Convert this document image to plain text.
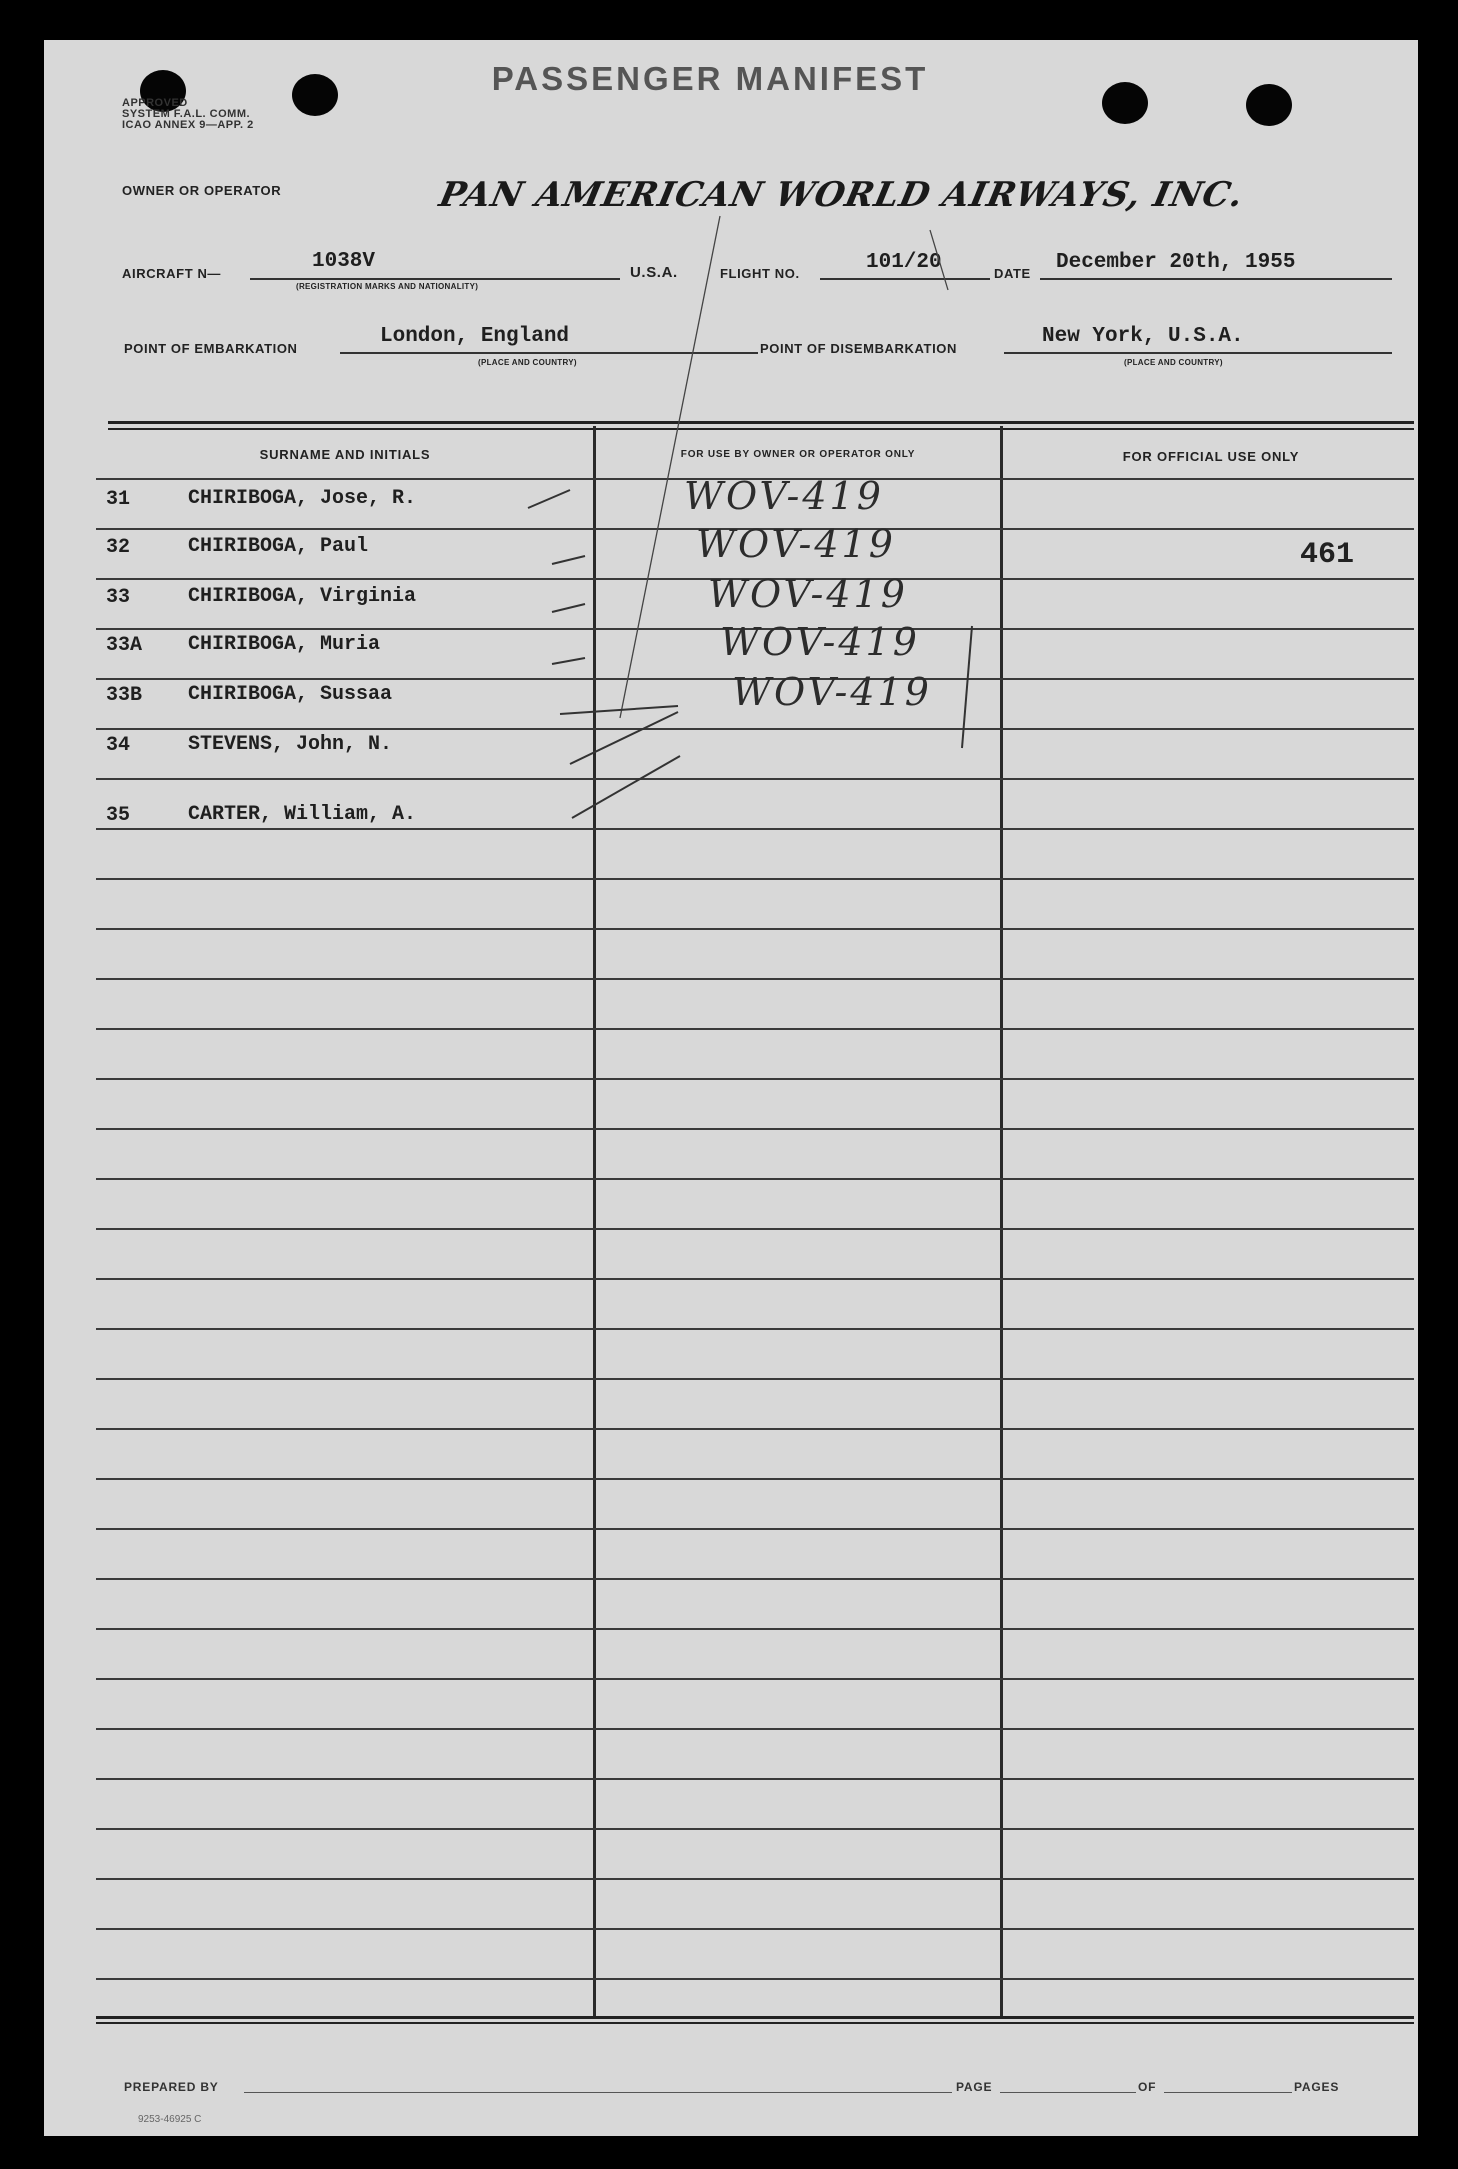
APPROVED
SYSTEM F.A.L. COMM.
ICAO ANNEX 9—APP. 2
PASSENGER MANIFEST
OWNER OR OPERATOR	PAN AMERICAN WORLD AIRWAYS, INC.
AIRCRAFT N—
1038V
(REGISTRATION MARKS AND NATIONALITY)
U.S.A.	FLIGHT NO.	101/20	DATE December 20th, 1955
POINT OF EMBARKATION
London, England
(PLACE AND COUNTRY)
POINT OF DISEMBARKATION
New York, U.S.A.
(PLACE AND COUNTRY)
SURNAME AND INITIALS	FOR USE BY OWNER OR OPERATOR ONLY	FOR OFFICIAL USE ONLY
31	CHIRIBOGA, Jose, R.	WOV-419
32	CHIRIBOGA, Paul	WOV-419	461
33	CHIRIBOGA, Virginia	WOV-419
33A CHIRIBOGA, Muria	WOV-419
33B CHIRIBOGA, Sussaa	WOV-419
34	STEVENS, John, N.
35	CARTER, William, A.
PREPARED BY	PAGE	OF	PAGES
9253-46925 C
